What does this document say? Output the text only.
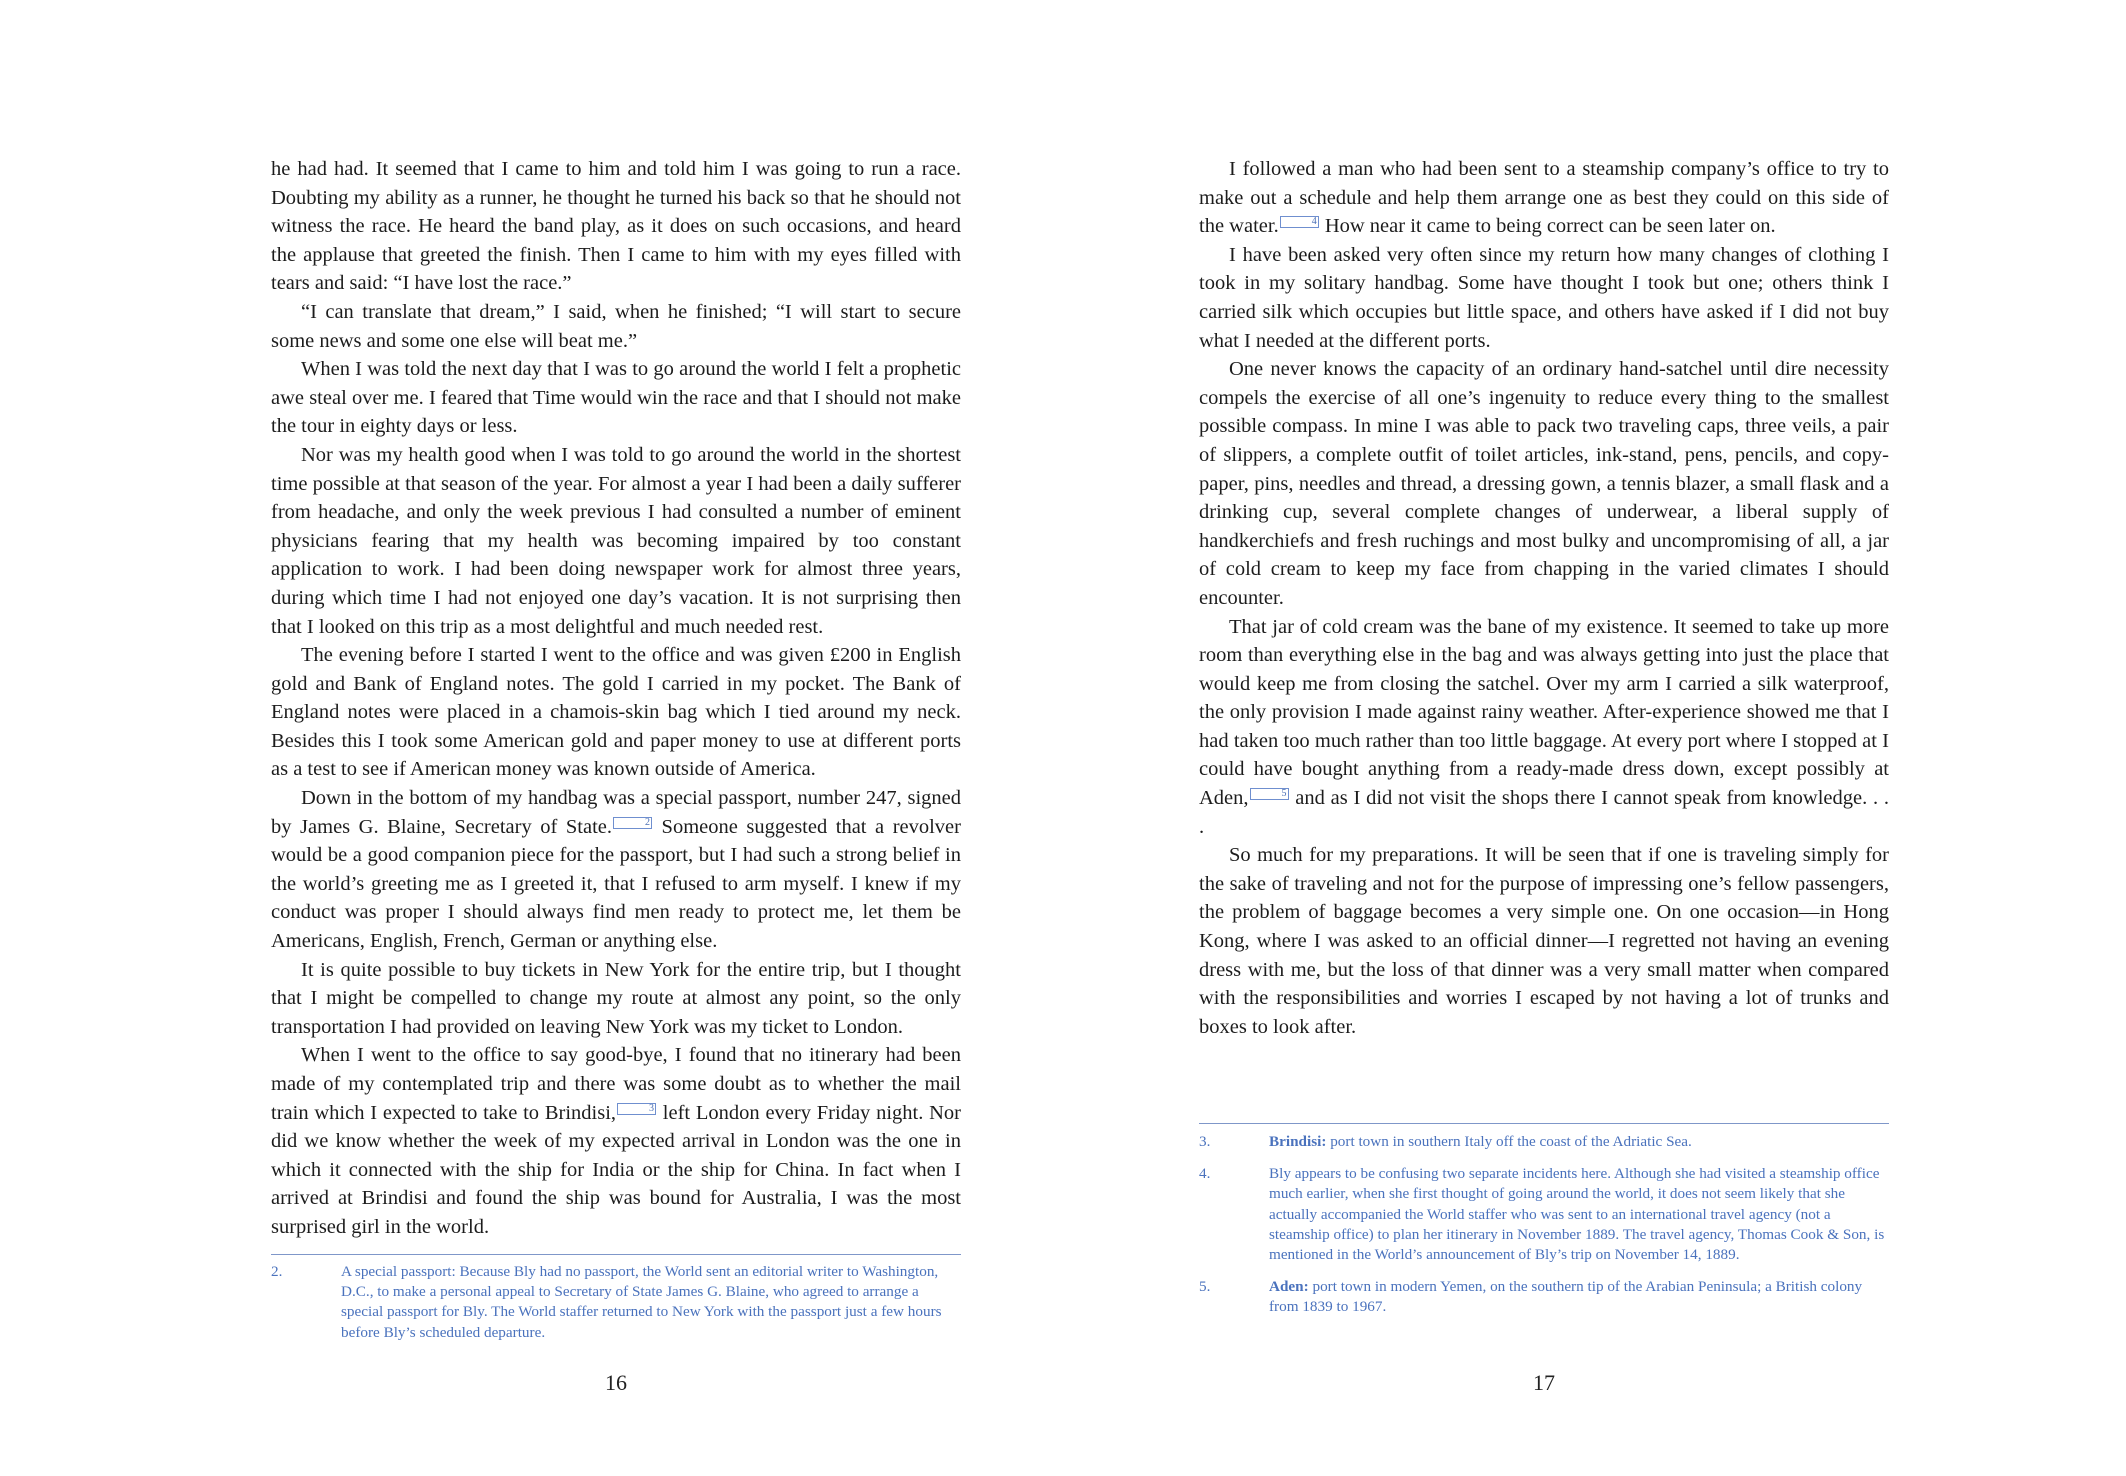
he had had. It seemed that I came to him and told him I was going to run a race. Doubting my ability as a runner, he thought he turned his back so that he should not witness the race. He heard the band play, as it does on such occasions, and heard the applause that greeted the finish. Then I came to him with my eyes filled with tears and said: “I have lost the race.”

“I can translate that dream,” I said, when he finished; “I will start to secure some news and some one else will beat me.”

When I was told the next day that I was to go around the world I felt a prophetic awe steal over me. I feared that Time would win the race and that I should not make the tour in eighty days or less.

Nor was my health good when I was told to go around the world in the shortest time possible at that season of the year. For almost a year I had been a daily sufferer from headache, and only the week previous I had consulted a number of eminent physicians fearing that my health was becoming impaired by too constant application to work. I had been doing newspaper work for almost three years, during which time I had not enjoyed one day’s vacation. It is not surprising then that I looked on this trip as a most delightful and much needed rest.

The evening before I started I went to the office and was given £200 in English gold and Bank of England notes. The gold I carried in my pocket. The Bank of England notes were placed in a chamois-skin bag which I tied around my neck. Besides this I took some American gold and paper money to use at different ports as a test to see if American money was known outside of America.

Down in the bottom of my handbag was a special passport, number 247, signed by James G. Blaine, Secretary of State.	2 Someone suggested that a revolver would be a good companion piece for the passport, but I had such a strong belief in the world’s greeting me as I greeted it, that I refused to arm myself. I knew if my conduct was proper I should always find men ready to protect me, let them be Americans, English, French, German or anything else.

It is quite possible to buy tickets in New York for the entire trip, but I thought that I might be compelled to change my route at almost any point, so the only transportation I had provided on leaving New York was my ticket to London.

When I went to the office to say good-bye, I found that no itinerary had been made of my contemplated trip and there was some doubt as to whether the mail train which I expected to take to Brindisi,	3 left London every Friday night. Nor did we know whether the week of my expected arrival in London was the one in which it connected with the ship for India or the ship for China. In fact when I arrived at Brindisi and found the ship was bound for Australia, I was the most surprised girl in the world.

2.	A special passport: Because Bly had no passport, the World sent an editorial writer to Washington, D.C., to make a personal appeal to Secretary of State James G. Blaine, who agreed to arrange a special passport for Bly. The World staffer returned to New York with the passport just a few hours before Bly’s scheduled departure.
16

I followed a man who had been sent to a steamship company’s office to try to make out a schedule and help them arrange one as best they could on this side of the water.	4 How near it came to being correct can be seen later on.

I have been asked very often since my return how many changes of clothing I took in my solitary handbag. Some have thought I took but one; others think I carried silk which occupies but little space, and others have asked if I did not buy what I needed at the different ports.

One never knows the capacity of an ordinary hand-satchel until dire necessity compels the exercise of all one’s ingenuity to reduce every thing to the smallest possible compass. In mine I was able to pack two traveling caps, three veils, a pair of slippers, a complete outfit of toilet articles, ink-stand, pens, pencils, and copy-paper, pins, needles and thread, a dressing gown, a tennis blazer, a small flask and a drinking cup, several complete changes of underwear, a liberal supply of handkerchiefs and fresh ruchings and most bulky and uncompromising of all, a jar of cold cream to keep my face from chapping in the varied climates I should encounter.

That jar of cold cream was the bane of my existence. It seemed to take up more room than everything else in the bag and was always getting into just the place that would keep me from closing the satchel. Over my arm I carried a silk waterproof, the only provision I made against rainy weather. After-experience showed me that I had taken too much rather than too little baggage. At every port where I stopped at I could have bought anything from a ready-made dress down, except possibly at Aden,	5 and as I did not visit the shops there I cannot speak from knowledge. . . .

So much for my preparations. It will be seen that if one is traveling simply for the sake of traveling and not for the purpose of impressing one’s fellow passengers, the problem of baggage becomes a very simple one. On one occasion—in Hong Kong, where I was asked to an official dinner—I regretted not having an evening dress with me, but the loss of that dinner was a very small matter when compared with the responsibilities and worries I escaped by not having a lot of trunks and boxes to look after.

3.	Brindisi: port town in southern Italy off the coast of the Adriatic Sea.
4.	Bly appears to be confusing two separate incidents here. Although she had visited a steamship office much earlier, when she first thought of going around the world, it does not seem likely that she actually accompanied the World staffer who was sent to an international travel agency (not a steamship office) to plan her itinerary in November 1889. The travel agency, Thomas Cook & Son, is mentioned in the World’s announcement of Bly’s trip on November 14, 1889.
5.	Aden: port town in modern Yemen, on the southern tip of the Arabian Peninsula; a British colony from 1839 to 1967.
17
